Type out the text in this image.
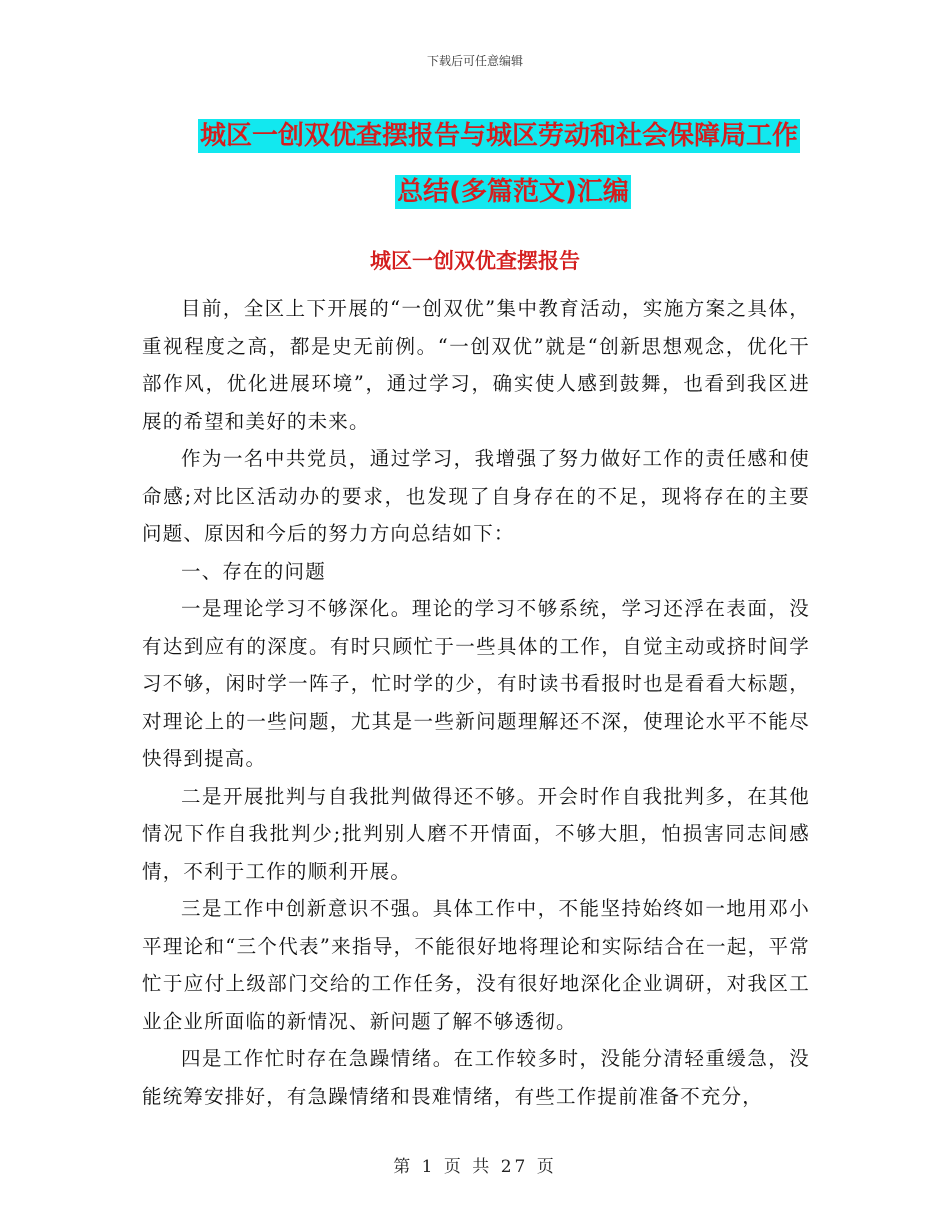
下载后可任意编辑
城区一创双优查摆报告与城区劳动和社会保障局工作
总结(多篇范文)汇编
城区一创双优查摆报告

目前，全区上下开展的“一创双优”集中教育活动，实施方案之具体，重视程度之高，都是史无前例。“一创双优”就是“创新思想观念，优化干部作风，优化进展环境”，通过学习，确实使人感到鼓舞，也看到我区进展的希望和美好的未来。

作为一名中共党员，通过学习，我增强了努力做好工作的责任感和使命感;对比区活动办的要求，也发现了自身存在的不足，现将存在的主要问题、原因和今后的努力方向总结如下：

一、存在的问题

一是理论学习不够深化。理论的学习不够系统，学习还浮在表面，没有达到应有的深度。有时只顾忙于一些具体的工作，自觉主动或挤时间学习不够，闲时学一阵子，忙时学的少，有时读书看报时也是看看大标题，对理论上的一些问题，尤其是一些新问题理解还不深，使理论水平不能尽快得到提高。

二是开展批判与自我批判做得还不够。开会时作自我批判多，在其他情况下作自我批判少;批判别人磨不开情面，不够大胆，怕损害同志间感情，不利于工作的顺利开展。

三是工作中创新意识不强。具体工作中，不能坚持始终如一地用邓小平理论和“三个代表”来指导，不能很好地将理论和实际结合在一起，平常忙于应付上级部门交给的工作任务，没有很好地深化企业调研，对我区工业企业所面临的新情况、新问题了解不够透彻。

四是工作忙时存在急躁情绪。在工作较多时，没能分清轻重缓急，没能统筹安排好，有急躁情绪和畏难情绪，有些工作提前准备不充分，

第 1 页 共 27 页
